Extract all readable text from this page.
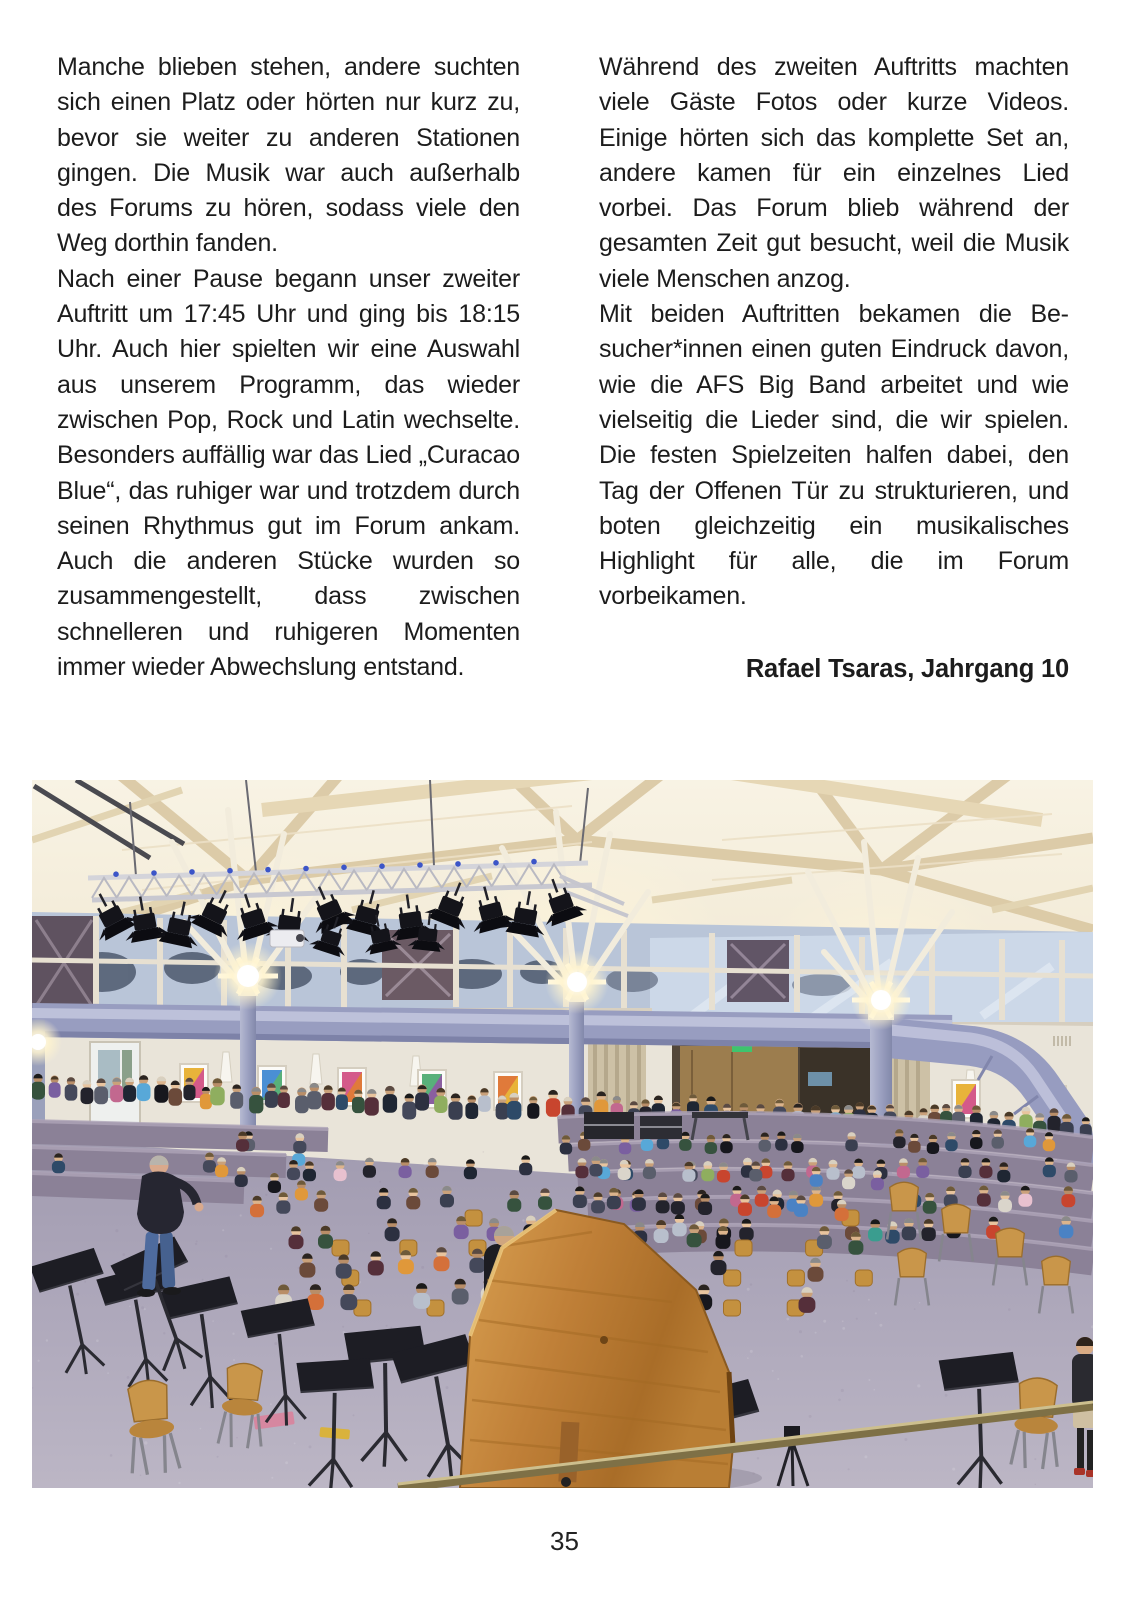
Manche blieben stehen, andere suchten sich einen Platz oder hörten nur kurz zu, bevor sie weiter zu anderen Stationen gingen. Die Musik war auch außerhalb des Forums zu hören, sodass viele den Weg dorthin fanden.

Nach einer Pause begann unser zweiter Auftritt um 17:45 Uhr und ging bis 18:15 Uhr. Auch hier spielten wir eine Auswahl aus unserem Programm, das wieder zwischen Pop, Rock und Latin wechselte. Besonders auffällig war das Lied „Curacao Blue“, das ruhiger war und trotzdem durch seinen Rhythmus gut im Forum ankam. Auch die anderen Stücke wurden so zusammengestellt, dass zwischen schnelleren und ruhigeren Momenten immer wieder Abwechslung entstand.

Während des zweiten Auftritts machten viele Gäste Fotos oder kurze Videos. Einige hörten sich das komplette Set an, andere kamen für ein einzelnes Lied vorbei. Das Forum blieb während der gesamten Zeit gut besucht, weil die Musik viele Menschen anzog.

Mit beiden Auftritten bekamen die Besucher*innen einen guten Eindruck davon, wie die AFS Big Band arbeitet und wie vielseitig die Lieder sind, die wir spielen. Die festen Spielzeiten halfen dabei, den Tag der Offenen Tür zu strukturieren, und boten gleichzeitig ein musikalisches Highlight für alle, die im Forum vorbeikamen.

Rafael Tsaras, Jahrgang 10
35
